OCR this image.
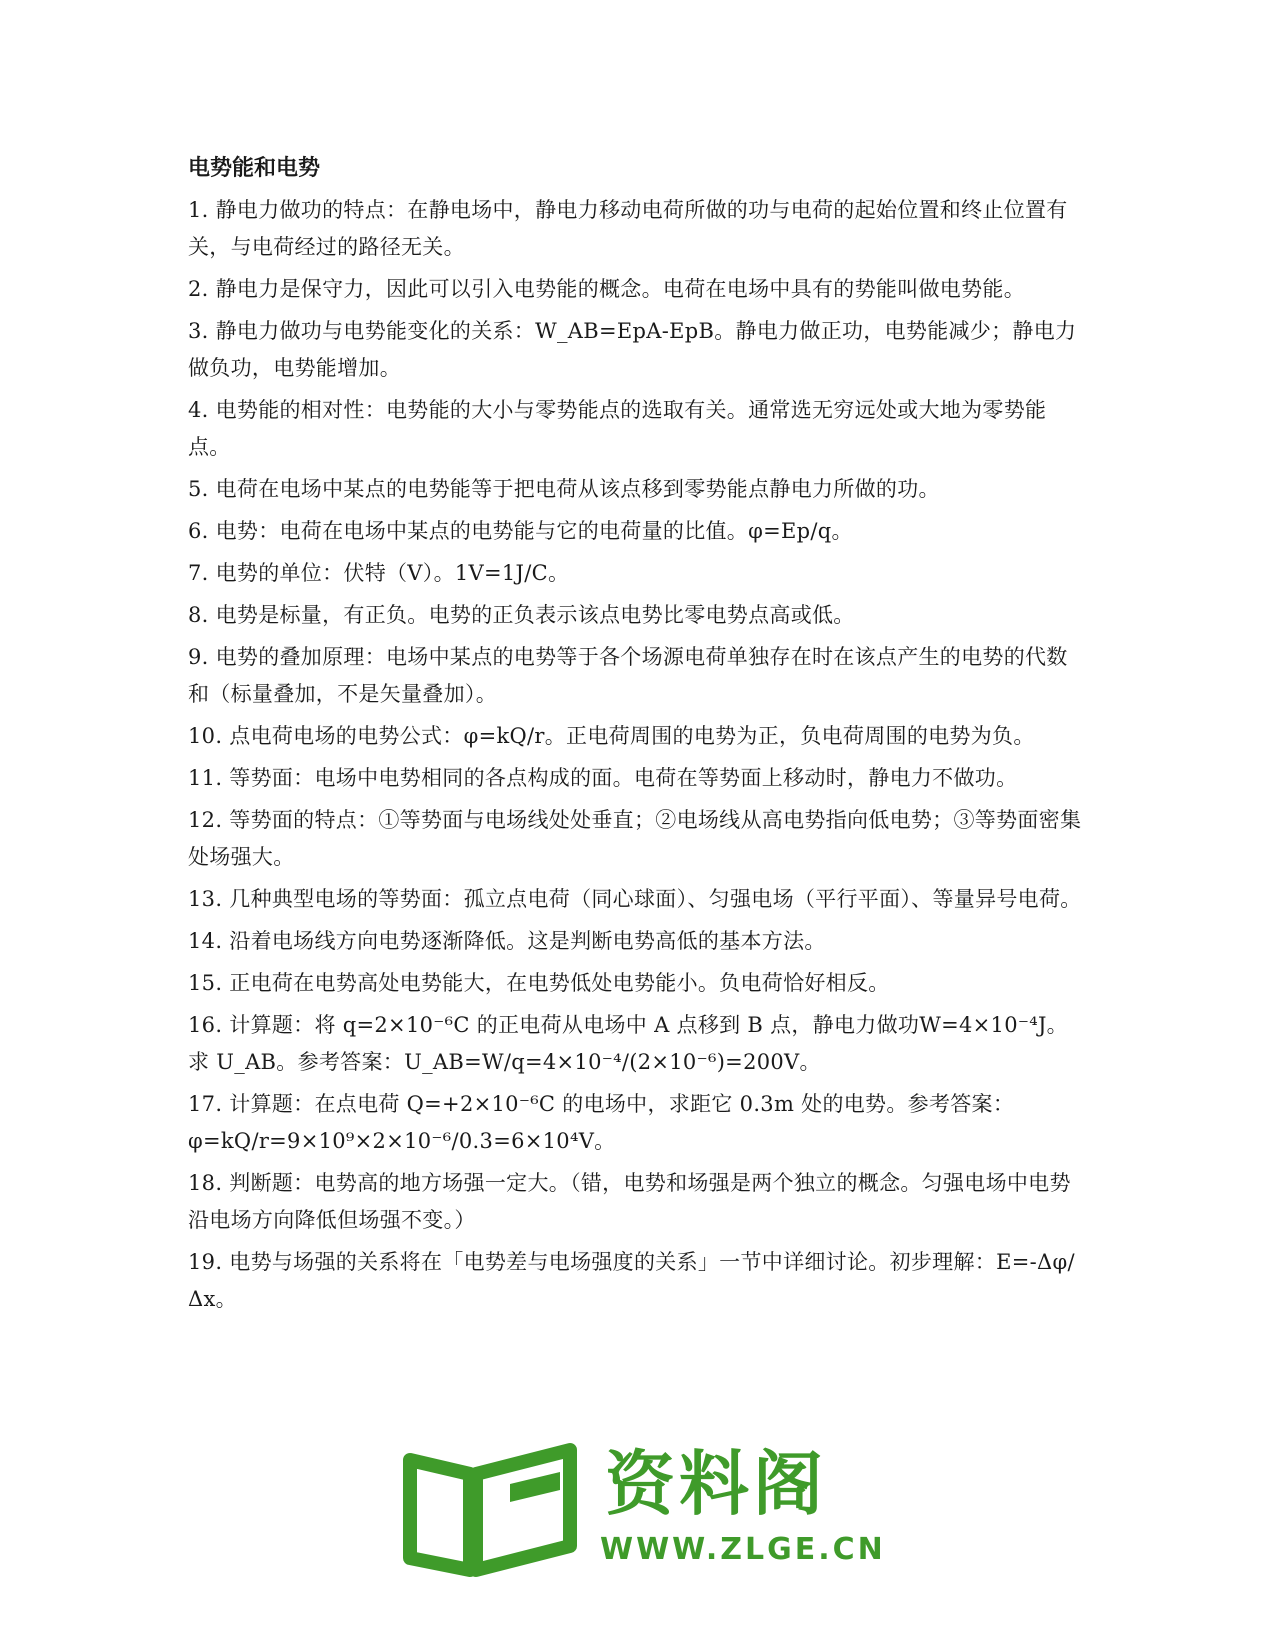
电势能和电势
1. 静电力做功的特点：在静电场中，静电力移动电荷所做的功与电荷的起始位置和终止位置有关，与电荷经过的路径无关。
2. 静电力是保守力，因此可以引入电势能的概念。电荷在电场中具有的势能叫做电势能。
3. 静电力做功与电势能变化的关系：W_AB=EpA-EpB。静电力做正功，电势能减少；静电力做负功，电势能增加。
4. 电势能的相对性：电势能的大小与零势能点的选取有关。通常选无穷远处或大地为零势能点。
5. 电荷在电场中某点的电势能等于把电荷从该点移到零势能点静电力所做的功。
6. 电势：电荷在电场中某点的电势能与它的电荷量的比值。φ=Ep/q。
7. 电势的单位：伏特（V）。1V=1J/C。
8. 电势是标量，有正负。电势的正负表示该点电势比零电势点高或低。
9. 电势的叠加原理：电场中某点的电势等于各个场源电荷单独存在时在该点产生的电势的代数和（标量叠加，不是矢量叠加）。
10. 点电荷电场的电势公式：φ=kQ/r。正电荷周围的电势为正，负电荷周围的电势为负。
11. 等势面：电场中电势相同的各点构成的面。电荷在等势面上移动时，静电力不做功。
12. 等势面的特点：①等势面与电场线处处垂直；②电场线从高电势指向低电势；③等势面密集处场强大。
13. 几种典型电场的等势面：孤立点电荷（同心球面）、匀强电场（平行平面）、等量异号电荷。
14. 沿着电场线方向电势逐渐降低。这是判断电势高低的基本方法。
15. 正电荷在电势高处电势能大，在电势低处电势能小。负电荷恰好相反。
16. 计算题：将 q=2×10⁻⁶C 的正电荷从电场中 A 点移到 B 点，静电力做功W=4×10⁻⁴J。求 U_AB。参考答案：U_AB=W/q=4×10⁻⁴/(2×10⁻⁶)=200V。
17. 计算题：在点电荷 Q=+2×10⁻⁶C 的电场中，求距它 0.3m 处的电势。参考答案：φ=kQ/r=9×10⁹×2×10⁻⁶/0.3=6×10⁴V。
18. 判断题：电势高的地方场强一定大。（错，电势和场强是两个独立的概念。匀强电场中电势沿电场方向降低但场强不变。）
19. 电势与场强的关系将在「电势差与电场强度的关系」一节中详细讨论。初步理解：E=-Δφ/Δx。
资料阁
WWW.ZLGE.CN
